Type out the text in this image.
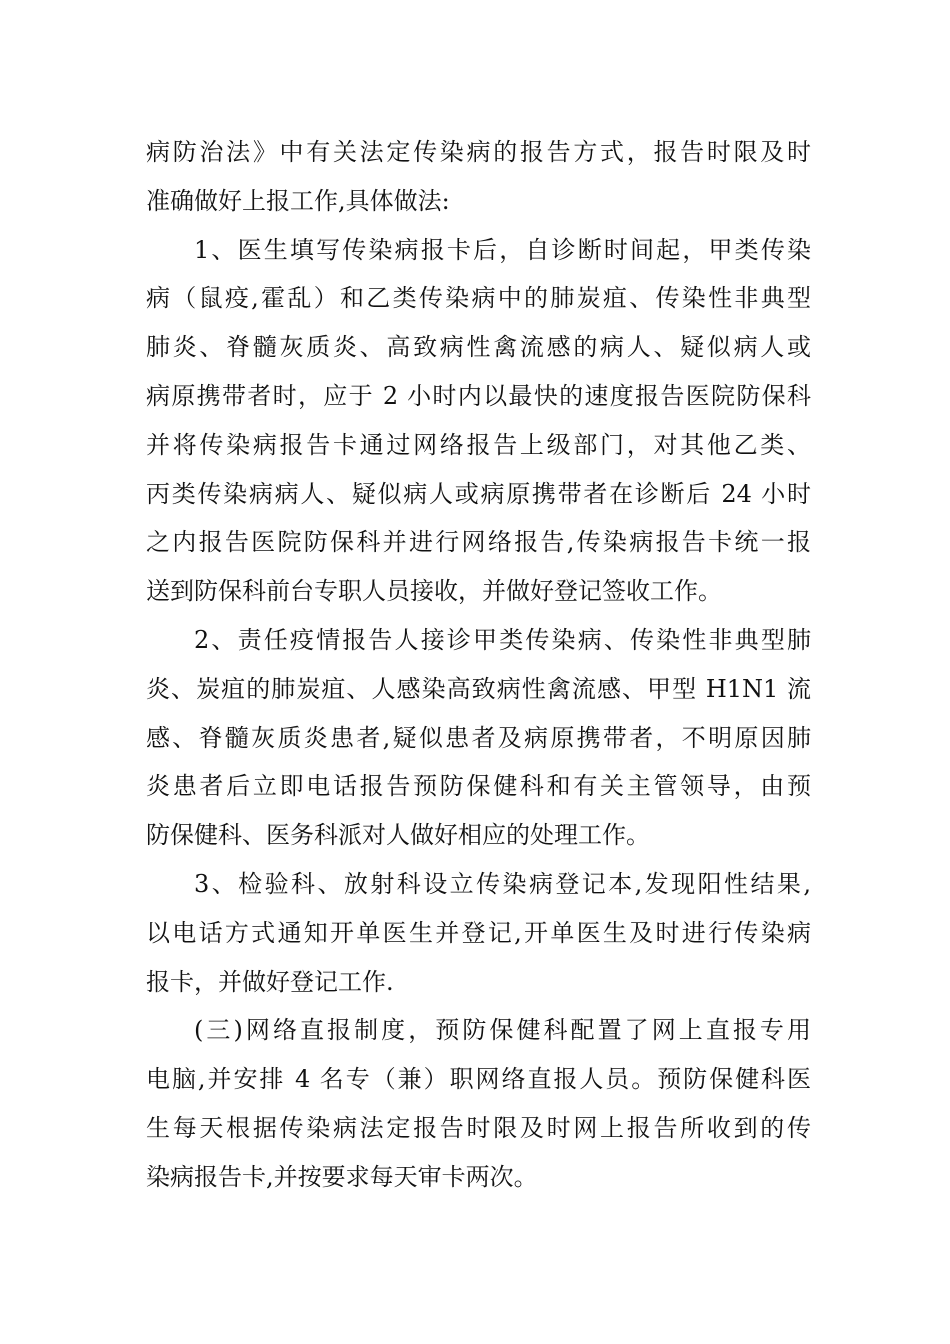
病防治法》中有关法定传染病的报告方式，报告时限及时
准确做好上报工作,具体做法:
1、医生填写传染病报卡后，自诊断时间起，甲类传染
病（鼠疫,霍乱）和乙类传染病中的肺炭疽、传染性非典型
肺炎、脊髓灰质炎、高致病性禽流感的病人、疑似病人或
病原携带者时，应于 2 小时内以最快的速度报告医院防保科
并将传染病报告卡通过网络报告上级部门，对其他乙类、
丙类传染病病人、疑似病人或病原携带者在诊断后 24 小时
之内报告医院防保科并进行网络报告,传染病报告卡统一报
送到防保科前台专职人员接收，并做好登记签收工作。
2、责任疫情报告人接诊甲类传染病、传染性非典型肺
炎、炭疽的肺炭疽、人感染高致病性禽流感、甲型 H1N1 流
感、脊髓灰质炎患者,疑似患者及病原携带者，不明原因肺
炎患者后立即电话报告预防保健科和有关主管领导，由预
防保健科、医务科派对人做好相应的处理工作。
3、检验科、放射科设立传染病登记本,发现阳性结果,
以电话方式通知开单医生并登记,开单医生及时进行传染病
报卡，并做好登记工作.
(三)网络直报制度，预防保健科配置了网上直报专用
电脑,并安排 4 名专（兼）职网络直报人员。预防保健科医
生每天根据传染病法定报告时限及时网上报告所收到的传
染病报告卡,并按要求每天审卡两次。
